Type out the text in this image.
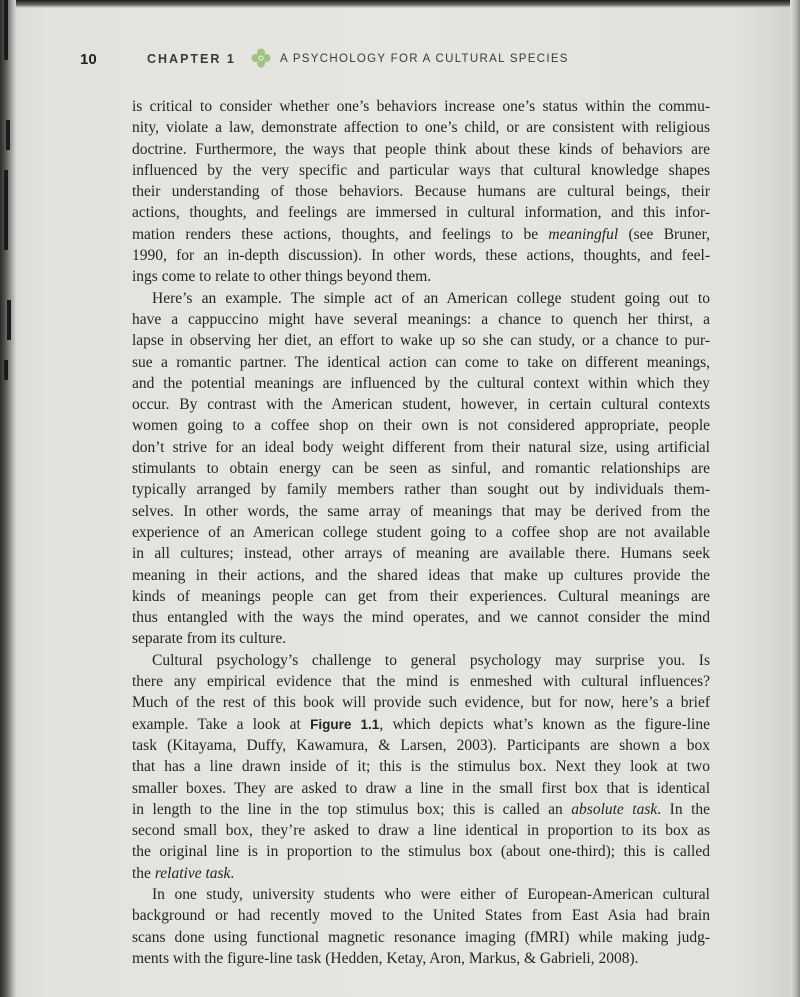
10	CHAPTER 1	A PSYCHOLOGY FOR A CULTURAL SPECIES
is critical to consider whether one’s behaviors increase one’s status within the commu-
nity, violate a law, demonstrate affection to one’s child, or are consistent with religious
doctrine. Furthermore, the ways that people think about these kinds of behaviors are
influenced by the very specific and particular ways that cultural knowledge shapes
their understanding of those behaviors. Because humans are cultural beings, their
actions, thoughts, and feelings are immersed in cultural information, and this infor-
mation renders these actions, thoughts, and feelings to be meaningful (see Bruner,
1990, for an in-depth discussion). In other words, these actions, thoughts, and feel-
ings come to relate to other things beyond them.
Here’s an example. The simple act of an American college student going out to
have a cappuccino might have several meanings: a chance to quench her thirst, a
lapse in observing her diet, an effort to wake up so she can study, or a chance to pur-
sue a romantic partner. The identical action can come to take on different meanings,
and the potential meanings are influenced by the cultural context within which they
occur. By contrast with the American student, however, in certain cultural contexts
women going to a coffee shop on their own is not considered appropriate, people
don’t strive for an ideal body weight different from their natural size, using artificial
stimulants to obtain energy can be seen as sinful, and romantic relationships are
typically arranged by family members rather than sought out by individuals them-
selves. In other words, the same array of meanings that may be derived from the
experience of an American college student going to a coffee shop are not available
in all cultures; instead, other arrays of meaning are available there. Humans seek
meaning in their actions, and the shared ideas that make up cultures provide the
kinds of meanings people can get from their experiences. Cultural meanings are
thus entangled with the ways the mind operates, and we cannot consider the mind
separate from its culture.
Cultural psychology’s challenge to general psychology may surprise you. Is
there any empirical evidence that the mind is enmeshed with cultural influences?
Much of the rest of this book will provide such evidence, but for now, here’s a brief
example. Take a look at Figure 1.1, which depicts what’s known as the figure-line
task (Kitayama, Duffy, Kawamura, & Larsen, 2003). Participants are shown a box
that has a line drawn inside of it; this is the stimulus box. Next they look at two
smaller boxes. They are asked to draw a line in the small first box that is identical
in length to the line in the top stimulus box; this is called an absolute task. In the
second small box, they’re asked to draw a line identical in proportion to its box as
the original line is in proportion to the stimulus box (about one-third); this is called
the relative task.
In one study, university students who were either of European-American cultural
background or had recently moved to the United States from East Asia had brain
scans done using functional magnetic resonance imaging (fMRI) while making judg-
ments with the figure-line task (Hedden, Ketay, Aron, Markus, & Gabrieli, 2008).
